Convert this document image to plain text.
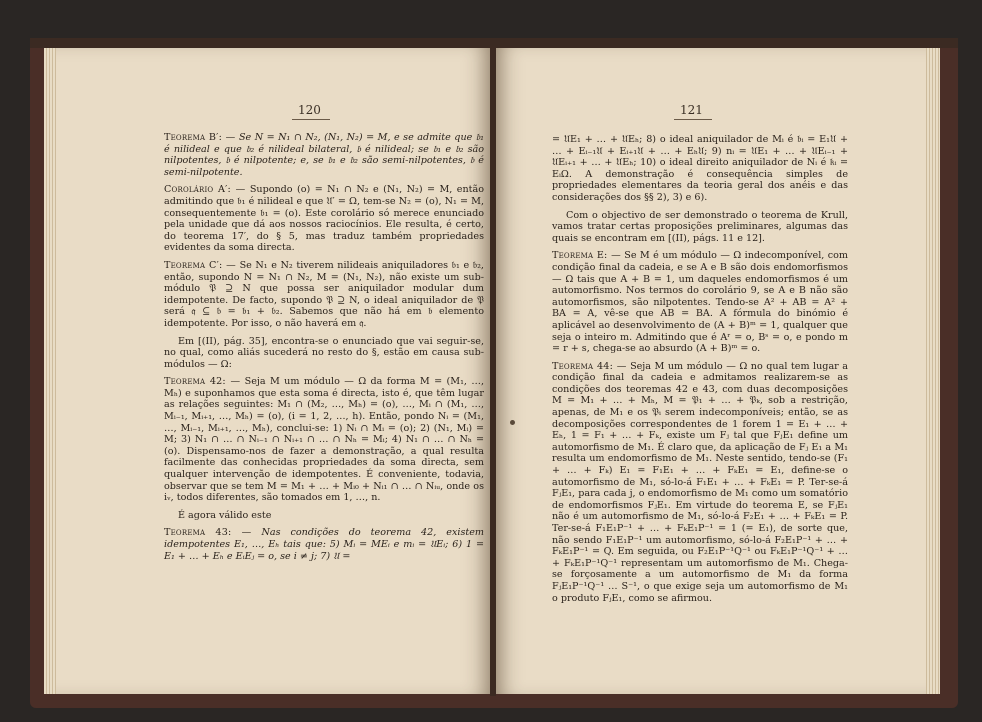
120

Teorema B′: — Se N = N₁ ∩ N₂, (N₁, N₂) = M, e se admite que 𝔟₁ é nilideal e que 𝔟₂ é nilideal bilateral, 𝔟 é nilideal; se 𝔟₁ e 𝔟₂ são nilpotentes, 𝔟 é nilpotente; e, se 𝔟₁ e 𝔟₂ são semi-nilpotentes, 𝔟 é semi-nilpotente.

Corolário A′: — Supondo (o) = N₁ ∩ N₂ e (N₁, N₂) = M, então admitindo que 𝔟₁ é nilideal e que 𝔘′ = Ω, tem-se N₂ = (o), N₁ = M, consequentemente 𝔟₁ = (o). Este corolário só merece enunciado pela unidade que dá aos nossos raciocínios. Ele resulta, é certo, do teorema 17′, do § 5, mas traduz também propriedades evidentes da soma directa.

Teorema C′: — Se N₁ e N₂ tiverem nilideais aniquiladores 𝔟₁ e 𝔟₂, então, supondo N = N₁ ∩ N₂, M = (N₁, N₂), não existe um sub-módulo 𝔓 ⊇ N que possa ser aniquilador modular dum idempotente. De facto, supondo 𝔓 ⊇ N, o ideal aniquilador de 𝔓 será 𝔮 ⊆ 𝔟 = 𝔟₁ + 𝔟₂. Sabemos que não há em 𝔟 elemento idempotente. Por isso, o não haverá em 𝔮.

Em [(II), pág. 35], encontra-se o enunciado que vai seguir-se, no qual, como aliás sucederá no resto do §, estão em causa sub-módulos — Ω:

Teorema 42: — Seja M um módulo — Ω da forma M = (M₁, …, Mₕ) e suponhamos que esta soma é directa, isto é, que têm lugar as relações seguintes: M₁ ∩ (M₂, …, Mₕ) = (o), …, Mᵢ ∩ (M₁, …, Mᵢ₋₁, Mᵢ₊₁, …, Mₕ) = (o), (i = 1, 2, …, h). Então, pondo Nᵢ = (M₁, …, Mᵢ₋₁, Mᵢ₊₁, …, Mₕ), conclui-se: 1) Nᵢ ∩ Mᵢ = (o); 2) (N₁, Mᵢ) = M; 3) N₁ ∩ … ∩ Nᵢ₋₁ ∩ Nᵢ₊₁ ∩ … ∩ Nₕ = Mᵢ; 4) N₁ ∩ … ∩ Nₕ = (o). Dispensamo-nos de fazer a demonstração, a qual resulta facilmente das conhecidas propriedades da soma directa, sem qualquer intervenção de idempotentes. É conveniente, todavia, observar que se tem M = M₁ + … + Mᵢ₀ + Nᵢ₁ ∩ … ∩ Nᵢᵤ, onde os iᵥ, todos diferentes, são tomados em 1, …, n.

É agora válido este

Teorema 43: — Nas condições do teorema 42, existem idempotentes E₁, …, Eₕ tais que: 5) Mᵢ = MEᵢ e mᵢ = 𝔘Eᵢ; 6) 1 = E₁ + … + Eₕ e EᵢEⱼ = o, se i ≠ j; 7) 𝔘 =

121

= 𝔘E₁ + … + 𝔘Eₕ; 8) o ideal aniquilador de Mᵢ é 𝔟ᵢ = E₁𝔘 + … + Eᵢ₋₁𝔘 + Eᵢ₊₁𝔘 + … + Eₕ𝔘; 9) nᵢ = 𝔘E₁ + … + 𝔘Eᵢ₋₁ + 𝔘Eᵢ₊₁ + … + 𝔘Eₕ; 10) o ideal direito aniquilador de Nᵢ é 𝔨ᵢ = EᵢΩ. A demonstração é consequência simples de propriedades elementares da teoria geral dos anéis e das considerações dos §§ 2), 3) e 6).

Com o objectivo de ser demonstrado o teorema de Krull, vamos tratar certas proposições preliminares, algumas das quais se encontram em [(II), págs. 11 e 12].

Teorema E: — Se M é um módulo — Ω indecomponível, com condição final da cadeia, e se A e B são dois endomorfismos — Ω tais que A + B = 1, um daqueles endomorfismos é um automorfismo. Nos termos do corolário 9, se A e B não são automorfismos, são nilpotentes. Tendo-se A² + AB = A² + BA = A, vê-se que AB = BA. A fórmula do binómio é aplicável ao desenvolvimento de (A + B)ᵐ = 1, qualquer que seja o inteiro m. Admitindo que é Aʳ = o, Bˢ = o, e pondo m = r + s, chega-se ao absurdo (A + B)ᵐ = o.

Teorema 44: — Seja M um módulo — Ω no qual tem lugar a condição final da cadeia e admitamos realizarem-se as condições dos teoremas 42 e 43, com duas decomposições M = M₁ + … + Mₕ, M = 𝔓₁ + … + 𝔓ₖ, sob a restrição, apenas, de M₁ e os 𝔓ᵢ serem indecomponíveis; então, se as decomposições correspondentes de 1 forem 1 = E₁ + … + Eₕ, 1 = F₁ + … + Fₖ, existe um Fⱼ tal que FⱼE₁ define um automorfismo de M₁. É claro que, da aplicação de Fⱼ E₁ a M₁ resulta um endomorfismo de M₁. Neste sentido, tendo-se (F₁ + … + Fₖ) E₁ = F₁E₁ + … + FₖE₁ = E₁, define-se o automorfismo de M₁, só-lo-á F₁E₁ + … + FₖE₁ = P. Ter-se-á FⱼE₁, para cada j, o endomorfismo de M₁ como um somatório de endomorfismos FⱼE₁. Em virtude do teorema E, se FⱼE₁ não é um automorfismo de M₁, só-lo-á F₂E₁ + … + FₖE₁ = P. Ter-se-á F₁E₁P⁻¹ + … + FₖE₁P⁻¹ = 1 (= E₁), de sorte que, não sendo F₁E₁P⁻¹ um automorfismo, só-lo-á F₂E₁P⁻¹ + … + FₖE₁P⁻¹ = Q. Em seguida, ou F₂E₁P⁻¹Q⁻¹ ou FₖE₁P⁻¹Q⁻¹ + … + FₖE₁P⁻¹Q⁻¹ representam um automorfismo de M₁. Chega-se forçosamente a um automorfismo de M₁ da forma FⱼE₁P⁻¹Q⁻¹ … S⁻¹, o que exige seja um automorfismo de M₁ o produto FⱼE₁, como se afirmou.
